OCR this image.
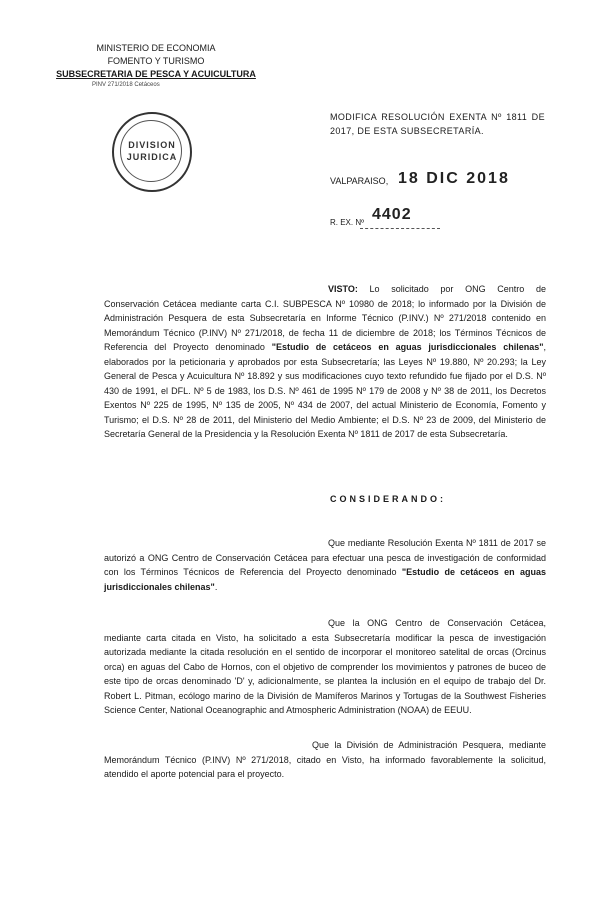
MINISTERIO DE ECONOMIA
FOMENTO Y TURISMO
SUBSECRETARIA DE PESCA Y ACUICULTURA
PINV 271/2018 Cetáceos
DIVISION
JURIDICA
MODIFICA RESOLUCIÓN EXENTA Nº 1811 DE 2017, DE ESTA SUBSECRETARÍA.
VALPARAISO, 18 DIC 2018
R. EX. Nº 4402
VISTO: Lo solicitado por ONG Centro de Conservación Cetácea mediante carta C.I. SUBPESCA Nº 10980 de 2018; lo informado por la División de Administración Pesquera de esta Subsecretaría en Informe Técnico (P.INV.) Nº 271/2018 contenido en Memorándum Técnico (P.INV) Nº 271/2018, de fecha 11 de diciembre de 2018; los Términos Técnicos de Referencia del Proyecto denominado "Estudio de cetáceos en aguas jurisdiccionales chilenas", elaborados por la peticionaria y aprobados por esta Subsecretaría; las Leyes Nº 19.880, Nº 20.293; la Ley General de Pesca y Acuicultura Nº 18.892 y sus modificaciones cuyo texto refundido fue fijado por el D.S. Nº 430 de 1991, el DFL. Nº 5 de 1983, los D.S. Nº 461 de 1995 Nº 179 de 2008 y Nº 38 de 2011, los Decretos Exentos Nº 225 de 1995, Nº 135 de 2005, Nº 434 de 2007, del actual Ministerio de Economía, Fomento y Turismo; el D.S. Nº 28 de 2011, del Ministerio del Medio Ambiente; el D.S. Nº 23 de 2009, del Ministerio de Secretaría General de la Presidencia y la Resolución Exenta Nº 1811 de 2017 de esta Subsecretaría.
CONSIDERANDO:
Que mediante Resolución Exenta Nº 1811 de 2017 se autorizó a ONG Centro de Conservación Cetácea para efectuar una pesca de investigación de conformidad con los Términos Técnicos de Referencia del Proyecto denominado "Estudio de cetáceos en aguas jurisdiccionales chilenas".
Que la ONG Centro de Conservación Cetácea, mediante carta citada en Visto, ha solicitado a esta Subsecretaría modificar la pesca de investigación autorizada mediante la citada resolución en el sentido de incorporar el monitoreo satelital de orcas (Orcinus orca) en aguas del Cabo de Hornos, con el objetivo de comprender los movimientos y patrones de buceo de este tipo de orcas denominado 'D' y, adicionalmente, se plantea la inclusión en el equipo de trabajo del Dr. Robert L. Pitman, ecólogo marino de la División de Mamíferos Marinos y Tortugas de la Southwest Fisheries Science Center, National Oceanographic and Atmospheric Administration (NOAA) de EEUU.
Que la División de Administración Pesquera, mediante Memorándum Técnico (P.INV) Nº 271/2018, citado en Visto, ha informado favorablemente la solicitud, atendido el aporte potencial para el proyecto.
